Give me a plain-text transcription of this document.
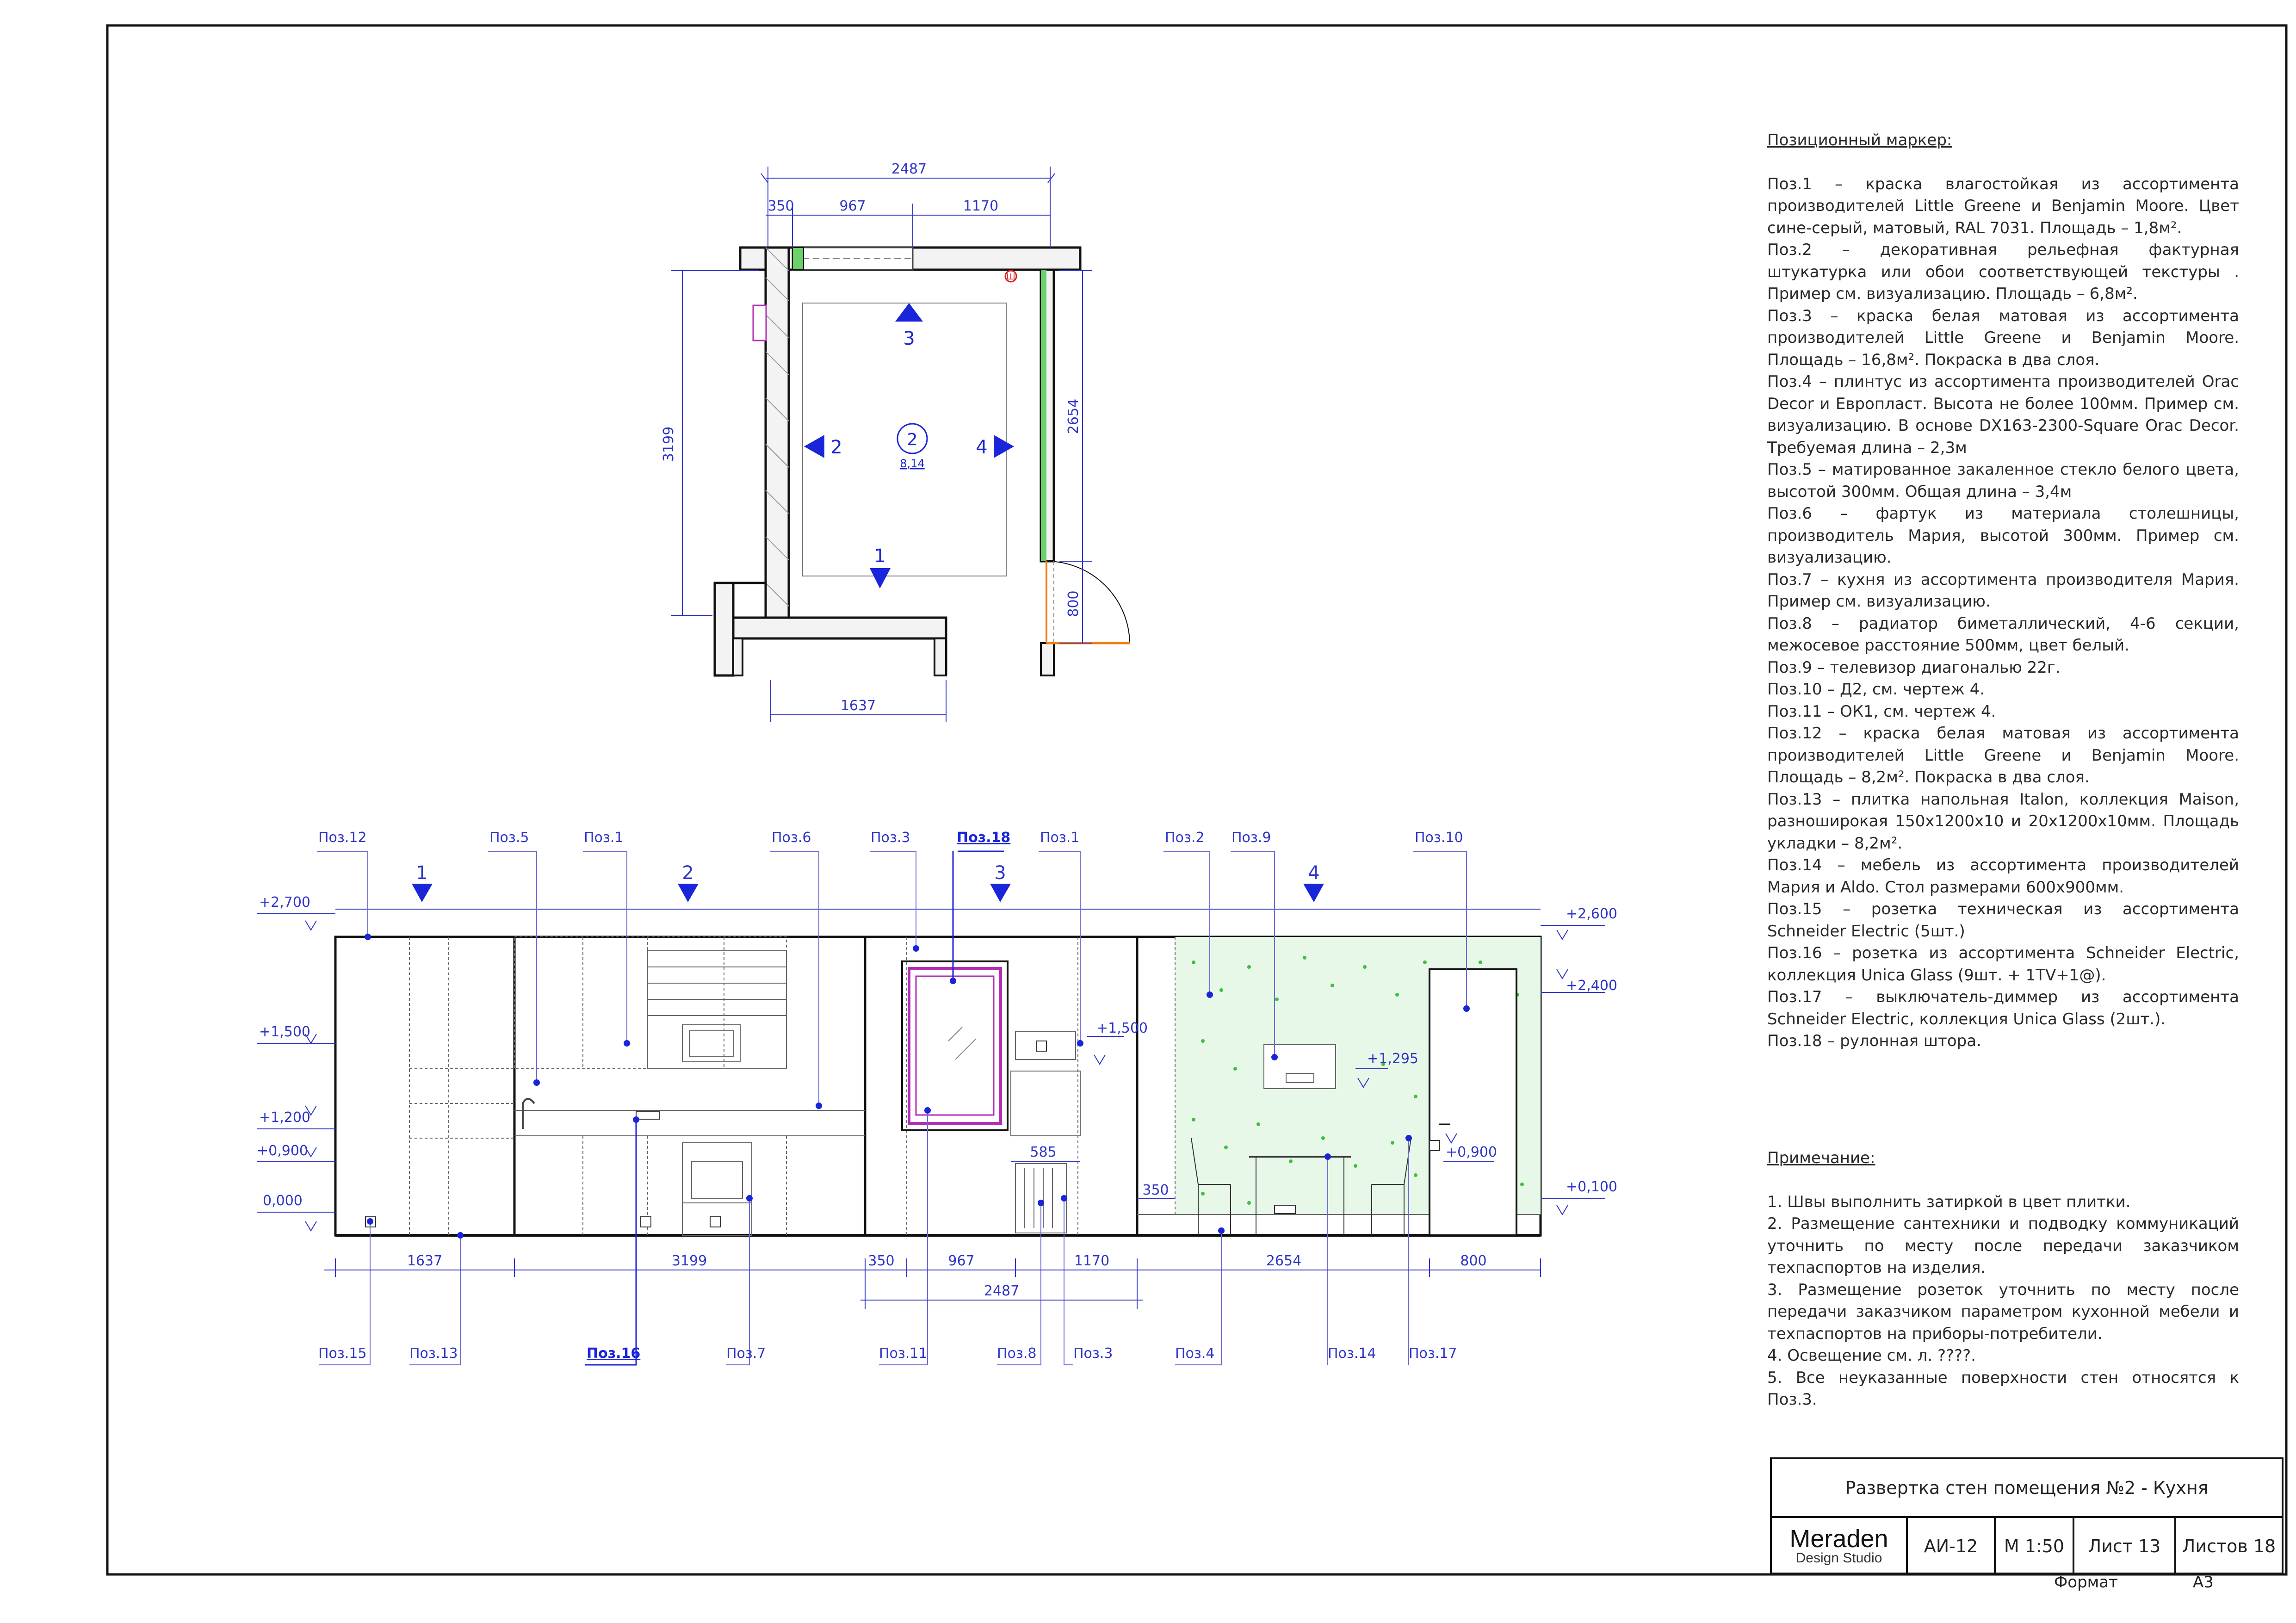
Ш
3
2	4
1
2
8,14
2487
350	967	1170
3199
2654
800
1637
1	2	3	4
Поз.12	Поз.5	Поз.1	Поз.6	Поз.3	Поз.18 Поз.1	Поз.2 Поз.9	Поз.10
Поз.15	Поз.13	Поз.16	Поз.7	Поз.11	Поз.8	Поз.3	Поз.4	Поз.14 Поз.17
+2,700
+1,500
+1,200
+0,900
0,000
+2,600
+2,400
+1,500
+1,295
+0,900
+0,100
1637	3199	350	967	1170	2654	800
2487
585
350
Позиционный маркер:
Поз.1 – краска влагостойкая из ассортимента производителей Little Greene и Benjamin Moore. Цвет сине-серый, матовый, RAL 7031. Площадь – 1,8м².
Поз.2 – декоративная рельефная фактурная штукатурка или обои соответствующей текстуры . Пример см. визуализацию. Площадь – 6,8м².
Поз.3 – краска белая матовая из ассортимента производителей Little Greene и Benjamin Moore. Площадь – 16,8м². Покраска в два слоя.
Поз.4 – плинтус из ассортимента производителей Orac Decor и Европласт. Высота не более 100мм. Пример см. визуализацию. В основе DX163-2300-Square Orac Decor. Требуемая длина – 2,3м
Поз.5 – матированное закаленное стекло белого цвета, высотой 300мм. Общая длина – 3,4м
Поз.6 – фартук из материала столешницы, производитель Мария, высотой 300мм. Пример см. визуализацию.
Поз.7 – кухня из ассортимента производителя Мария. Пример см. визуализацию.
Поз.8 – радиатор биметаллический, 4-6 секции, межосевое расстояние 500мм, цвет белый.
Поз.9 – телевизор диагональю 22г.
Поз.10 – Д2, см. чертеж 4.
Поз.11 – ОК1, см. чертеж 4.
Поз.12 – краска белая матовая из ассортимента производителей Little Greene и Benjamin Moore. Площадь – 8,2м². Покраска в два слоя.
Поз.13 – плитка напольная Italon, коллекция Maison, разноширокая 150х1200х10 и 20х1200х10мм. Площадь укладки – 8,2м².
Поз.14 – мебель из ассортимента производителей Мария и Aldo. Стол размерами 600х900мм.
Поз.15 – розетка техническая из ассортимента Schneider Electric (5шт.)
Поз.16 – розетка из ассортимента Schneider Electric, коллекция Unica Glass (9шт. + 1TV+1@).
Поз.17 – выключатель-диммер из ассортимента Schneider Electric, коллекция Unica Glass (2шт.).
Поз.18 – рулонная штора.
Примечание:
1. Швы выполнить затиркой в цвет плитки.
2. Размещение сантехники и подводку коммуникаций уточнить по месту после передачи заказчиком техпаспортов на изделия.
3. Размещение розеток уточнить по месту после передачи заказчиком параметром кухонной мебели и техпаспортов на приборы-потребители.
4. Освещение см. л. ????.
5. Все неуказанные поверхности стен относятся к Поз.3.
Развертка стен помещения №2 - Кухня
Meraden
Design Studio
АИ-12	М 1:50	Лист 13	Листов 18
Формат	А3
